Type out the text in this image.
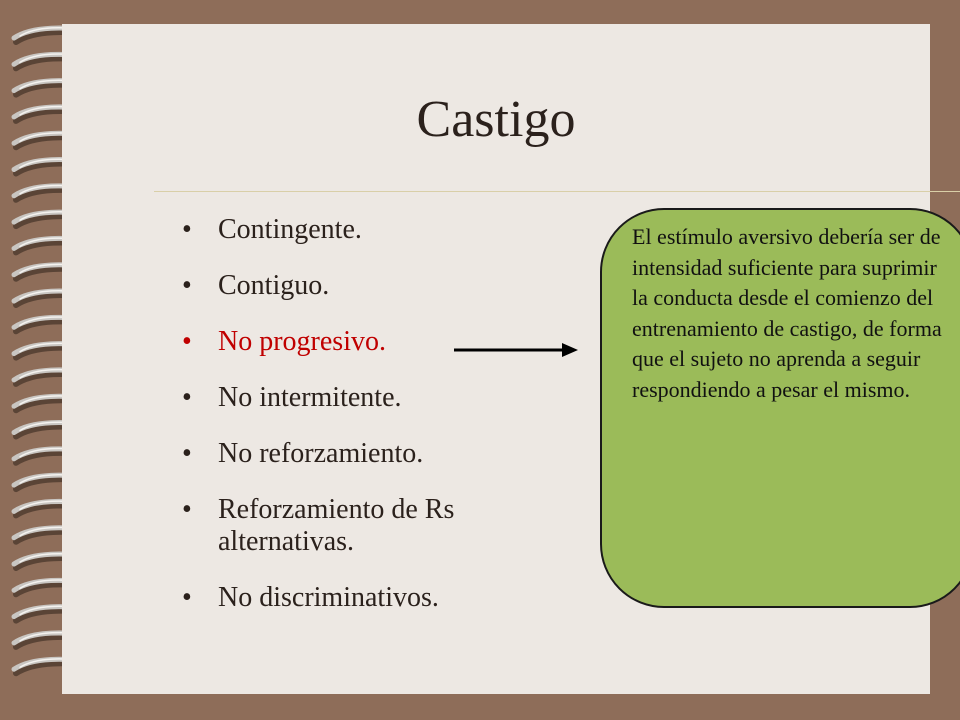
Castigo
• Contingente.
• Contiguo.
• No progresivo.
• No intermitente.
• No reforzamiento.
• Reforzamiento de Rs alternativas.
• No discriminativos.
El estímulo aversivo debería ser de intensidad suficiente para suprimir la conducta desde el comienzo del entrenamiento de castigo, de forma que el sujeto no aprenda a seguir respondiendo a pesar el mismo.
